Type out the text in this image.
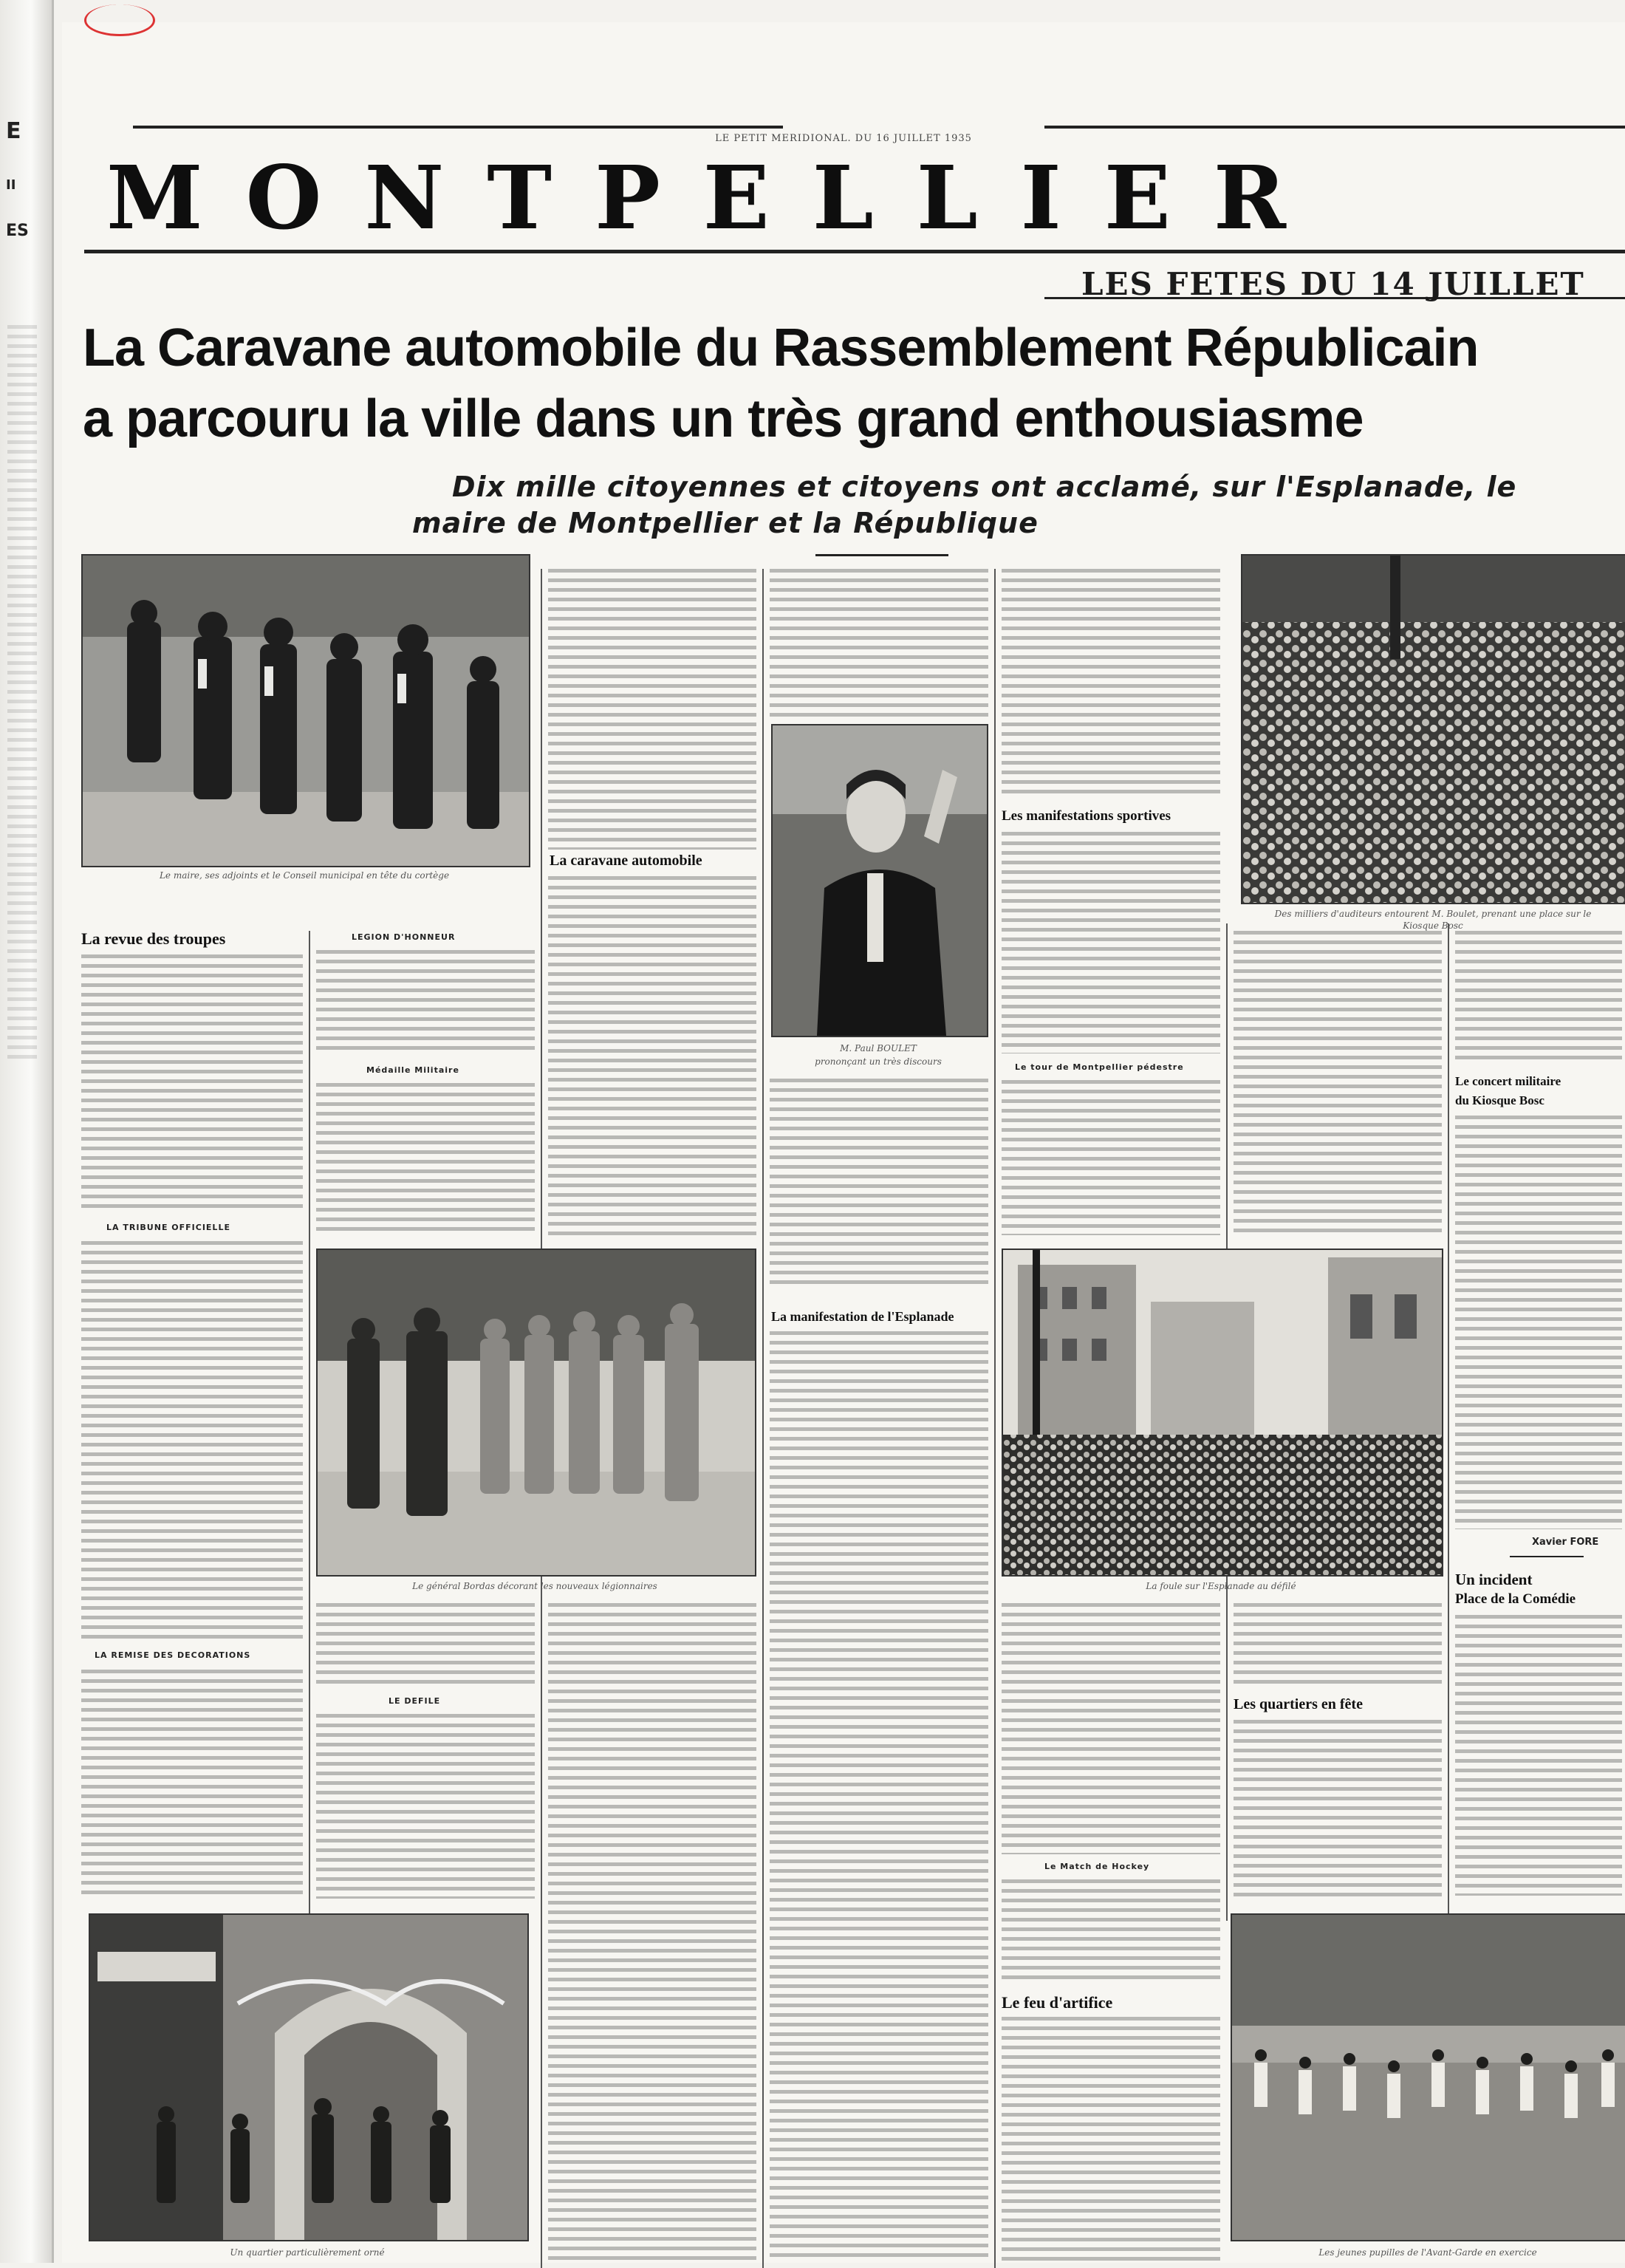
E
II
ES
LE PETIT MERIDIONAL. DU 16 JUILLET 1935
MONTPELLIER
LES FETES DU 14 JUILLET
La Caravane automobile du Rassemblement Républicain
a parcouru la ville dans un très grand enthousiasme
Dix mille citoyennes et citoyens ont acclamé, sur l'Esplanade, le
maire de Montpellier et la République
Le maire, ses adjoints et le Conseil municipal en tête du cortège
M. Paul BOULET
prononçant un très discours
Des milliers d'auditeurs entourent M. Boulet, prenant une place sur le
Kiosque Bosc
Le général Bordas décorant les nouveaux légionnaires	La foule sur l'Esplanade au défilé
Un quartier particulièrement orné	Les jeunes pupilles de l'Avant-Garde en exercice
La revue des troupes
LA TRIBUNE OFFICIELLE
LA REMISE DES DECORATIONS
LEGION D'HONNEUR
Médaille Militaire
LE DEFILE
La caravane automobile
La manifestation de l'Esplanade
Les manifestations sportives
Le tour de Montpellier pédestre
Le Match de Hockey
Le feu d'artifice
Les quartiers en fête
Le concert militaire
du Kiosque Bosc
Xavier FORE
Un incident
Place de la Comédie
